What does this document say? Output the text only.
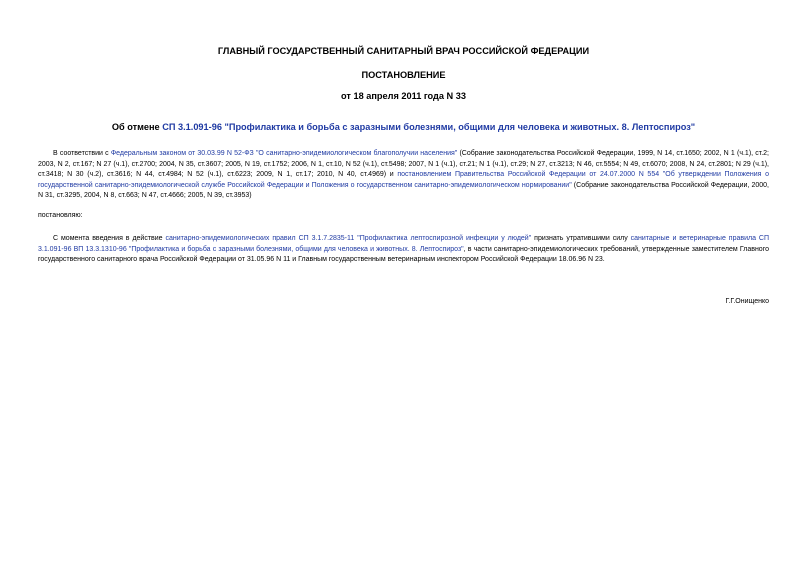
ГЛАВНЫЙ ГОСУДАРСТВЕННЫЙ САНИТАРНЫЙ ВРАЧ РОССИЙСКОЙ ФЕДЕРАЦИИ
ПОСТАНОВЛЕНИЕ
от 18 апреля 2011 года N 33
Об отмене СП 3.1.091-96 "Профилактика и борьба с заразными болезнями, общими для человека и животных. 8. Лептоспироз"

В соответствии с Федеральным законом от 30.03.99 N 52-ФЗ "О санитарно-эпидемиологическом благополучии населения" (Собрание законодательства Российской Федерации, 1999, N 14, ст.1650; 2002, N 1 (ч.1), ст.2; 2003, N 2, ст.167; N 27 (ч.1), ст.2700; 2004, N 35, ст.3607; 2005, N 19, ст.1752; 2006, N 1, ст.10, N 52 (ч.1), ст.5498; 2007, N 1 (ч.1), ст.21; N 1 (ч.1), ст.29; N 27, ст.3213; N 46, ст.5554; N 49, ст.6070; 2008, N 24, ст.2801; N 29 (ч.1), ст.3418; N 30 (ч.2), ст.3616; N 44, ст.4984; N 52 (ч.1), ст.6223; 2009, N 1, ст.17; 2010, N 40, ст.4969) и постановлением Правительства Российской Федерации от 24.07.2000 N 554 "Об утверждении Положения о государственной санитарно-эпидемиологической службе Российской Федерации и Положения о государственном санитарно-эпидемиологическом нормировании" (Собрание законодательства Российской Федерации, 2000, N 31, ст.3295, 2004, N 8, ст.663; N 47, ст.4666; 2005, N 39, ст.3953)

постановляю:

С момента введения в действие санитарно-эпидемиологических правил СП 3.1.7.2835-11 "Профилактика лептоспирозной инфекции у людей" признать утратившими силу санитарные и ветеринарные правила СП 3.1.091-96 ВП 13.3.1310-96 "Профилактика и борьба с заразными болезнями, общими для человека и животных. 8. Лептоспироз", в части санитарно-эпидемиологических требований, утвержденные заместителем Главного государственного санитарного врача Российской Федерации от 31.05.96 N 11 и Главным государственным ветеринарным инспектором Российской Федерации 18.06.96 N 23.

Г.Г.Онищенко
